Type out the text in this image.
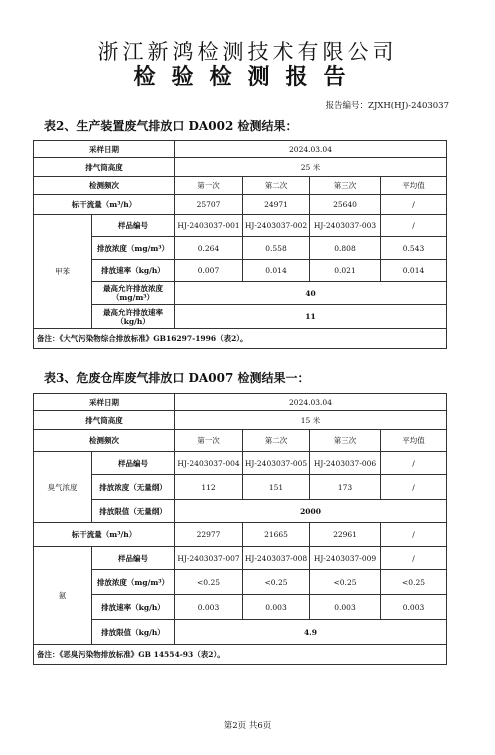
浙江新鸿检测技术有限公司
检验检测报告
报告编号：ZJXH(HJ)-2403037
表2、生产装置废气排放口 DA002 检测结果：
采样日期		2024.03.04			
排气筒高度		25 米			
检测频次		第一次	第二次	第三次	平均值
标干流量（m³/h）		25707	24971	25640	/
甲苯	样品编号	HJ-2403037-001	HJ-2403037-002	HJ-2403037-003	/
	排放浓度（mg/m³）	0.264	0.558	0.808	0.543
	排放速率（kg/h）	0.007	0.014	0.021	0.014
	最高允许排放浓度（mg/m³）	40			
	最高允许排放速率（kg/h）	11			
备注：《大气污染物综合排放标准》GB16297-1996（表2）。					
表3、危废仓库废气排放口 DA007 检测结果一：
采样日期		2024.03.04			
排气筒高度		15 米			
检测频次		第一次	第二次	第三次	平均值
臭气浓度	样品编号	HJ-2403037-004	HJ-2403037-005	HJ-2403037-006	/
	排放浓度（无量纲）	112	151	173	/
	排放限值（无量纲）	2000			
标干流量（m³/h）		22977	21665	22961	/
氨	样品编号	HJ-2403037-007	HJ-2403037-008	HJ-2403037-009	/
	排放浓度（mg/m³）	<0.25	<0.25	<0.25	<0.25
	排放速率（kg/h）	0.003	0.003	0.003	0.003
	排放限值（kg/h）	4.9			
备注：《恶臭污染物排放标准》GB 14554-93（表2）。					
第2页 共6页
